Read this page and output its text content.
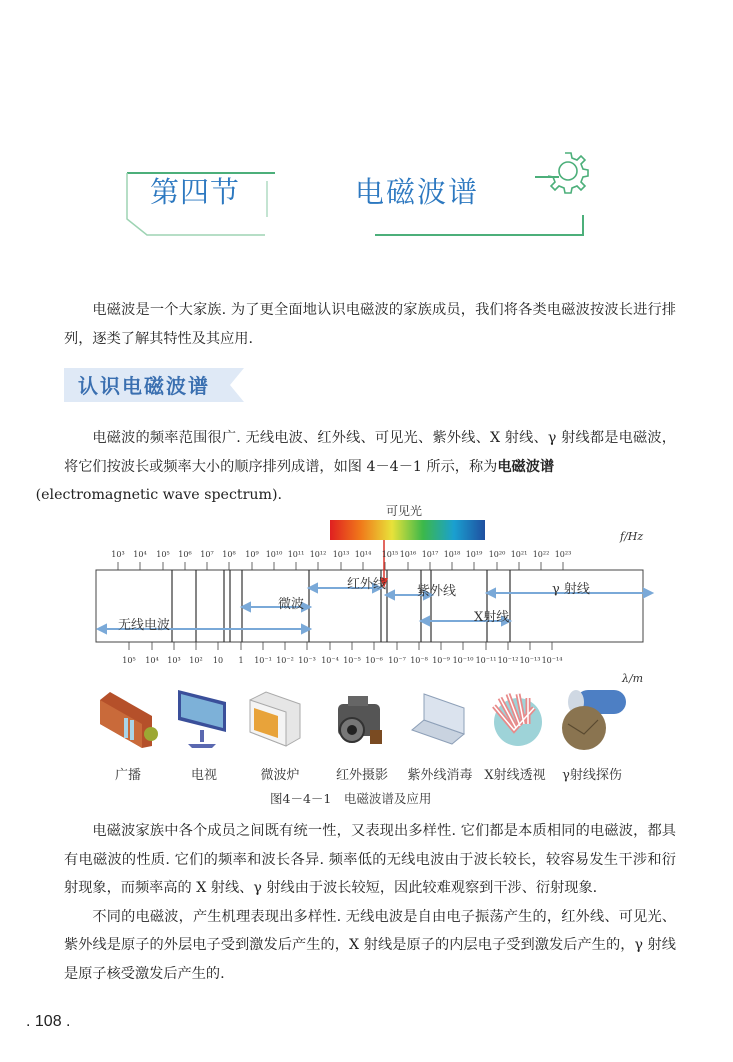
第四节	电磁波谱

电磁波是一个大家族. 为了更全面地认识电磁波的家族成员，我们将各类电磁波按波长进行排列，逐类了解其特性及其应用.

认识电磁波谱

电磁波的频率范围很广. 无线电波、红外线、可见光、紫外线、X 射线、γ 射线都是电磁波，将它们按波长或频率大小的顺序排列成谱，如图 4－4－1 所示，称为电磁波谱
(electromagnetic wave spectrum).

可见光
f/Hz
10³ 10⁴ 10⁵ 10⁶ 10⁷ 10⁸ 10⁹ 10¹⁰ 10¹¹ 10¹² 10¹³ 10¹⁴ 10¹⁵ 10¹⁶ 10¹⁷ 10¹⁸ 10¹⁹ 10²⁰ 10²¹ 10²² 10²³
10⁵ 10⁴ 10³ 10² 10 1 10⁻¹ 10⁻² 10⁻³ 10⁻⁴ 10⁻⁵ 10⁻⁶ 10⁻⁷ 10⁻⁸ 10⁻⁹ 10⁻¹⁰ 10⁻¹¹ 10⁻¹² 10⁻¹³ 10⁻¹⁴
λ/m
无线电波
微波
红外线 紫外线
X射线
γ 射线
广播	电视	微波炉	红外摄影 紫外线消毒 X射线透视 γ射线探伤
图4－4－1　电磁波谱及应用

电磁波家族中各个成员之间既有统一性，又表现出多样性. 它们都是本质相同的电磁波，都具有电磁波的性质. 它们的频率和波长各异. 频率低的无线电波由于波长较长，较容易发生干涉和衍射现象，而频率高的 X 射线、γ 射线由于波长较短，因此较难观察到干涉、衍射现象.

不同的电磁波，产生机理表现出多样性. 无线电波是自由电子振荡产生的，红外线、可见光、紫外线是原子的外层电子受到激发后产生的，X 射线是原子的内层电子受到激发后产生的，γ 射线是原子核受激发后产生的.

. 108 .
